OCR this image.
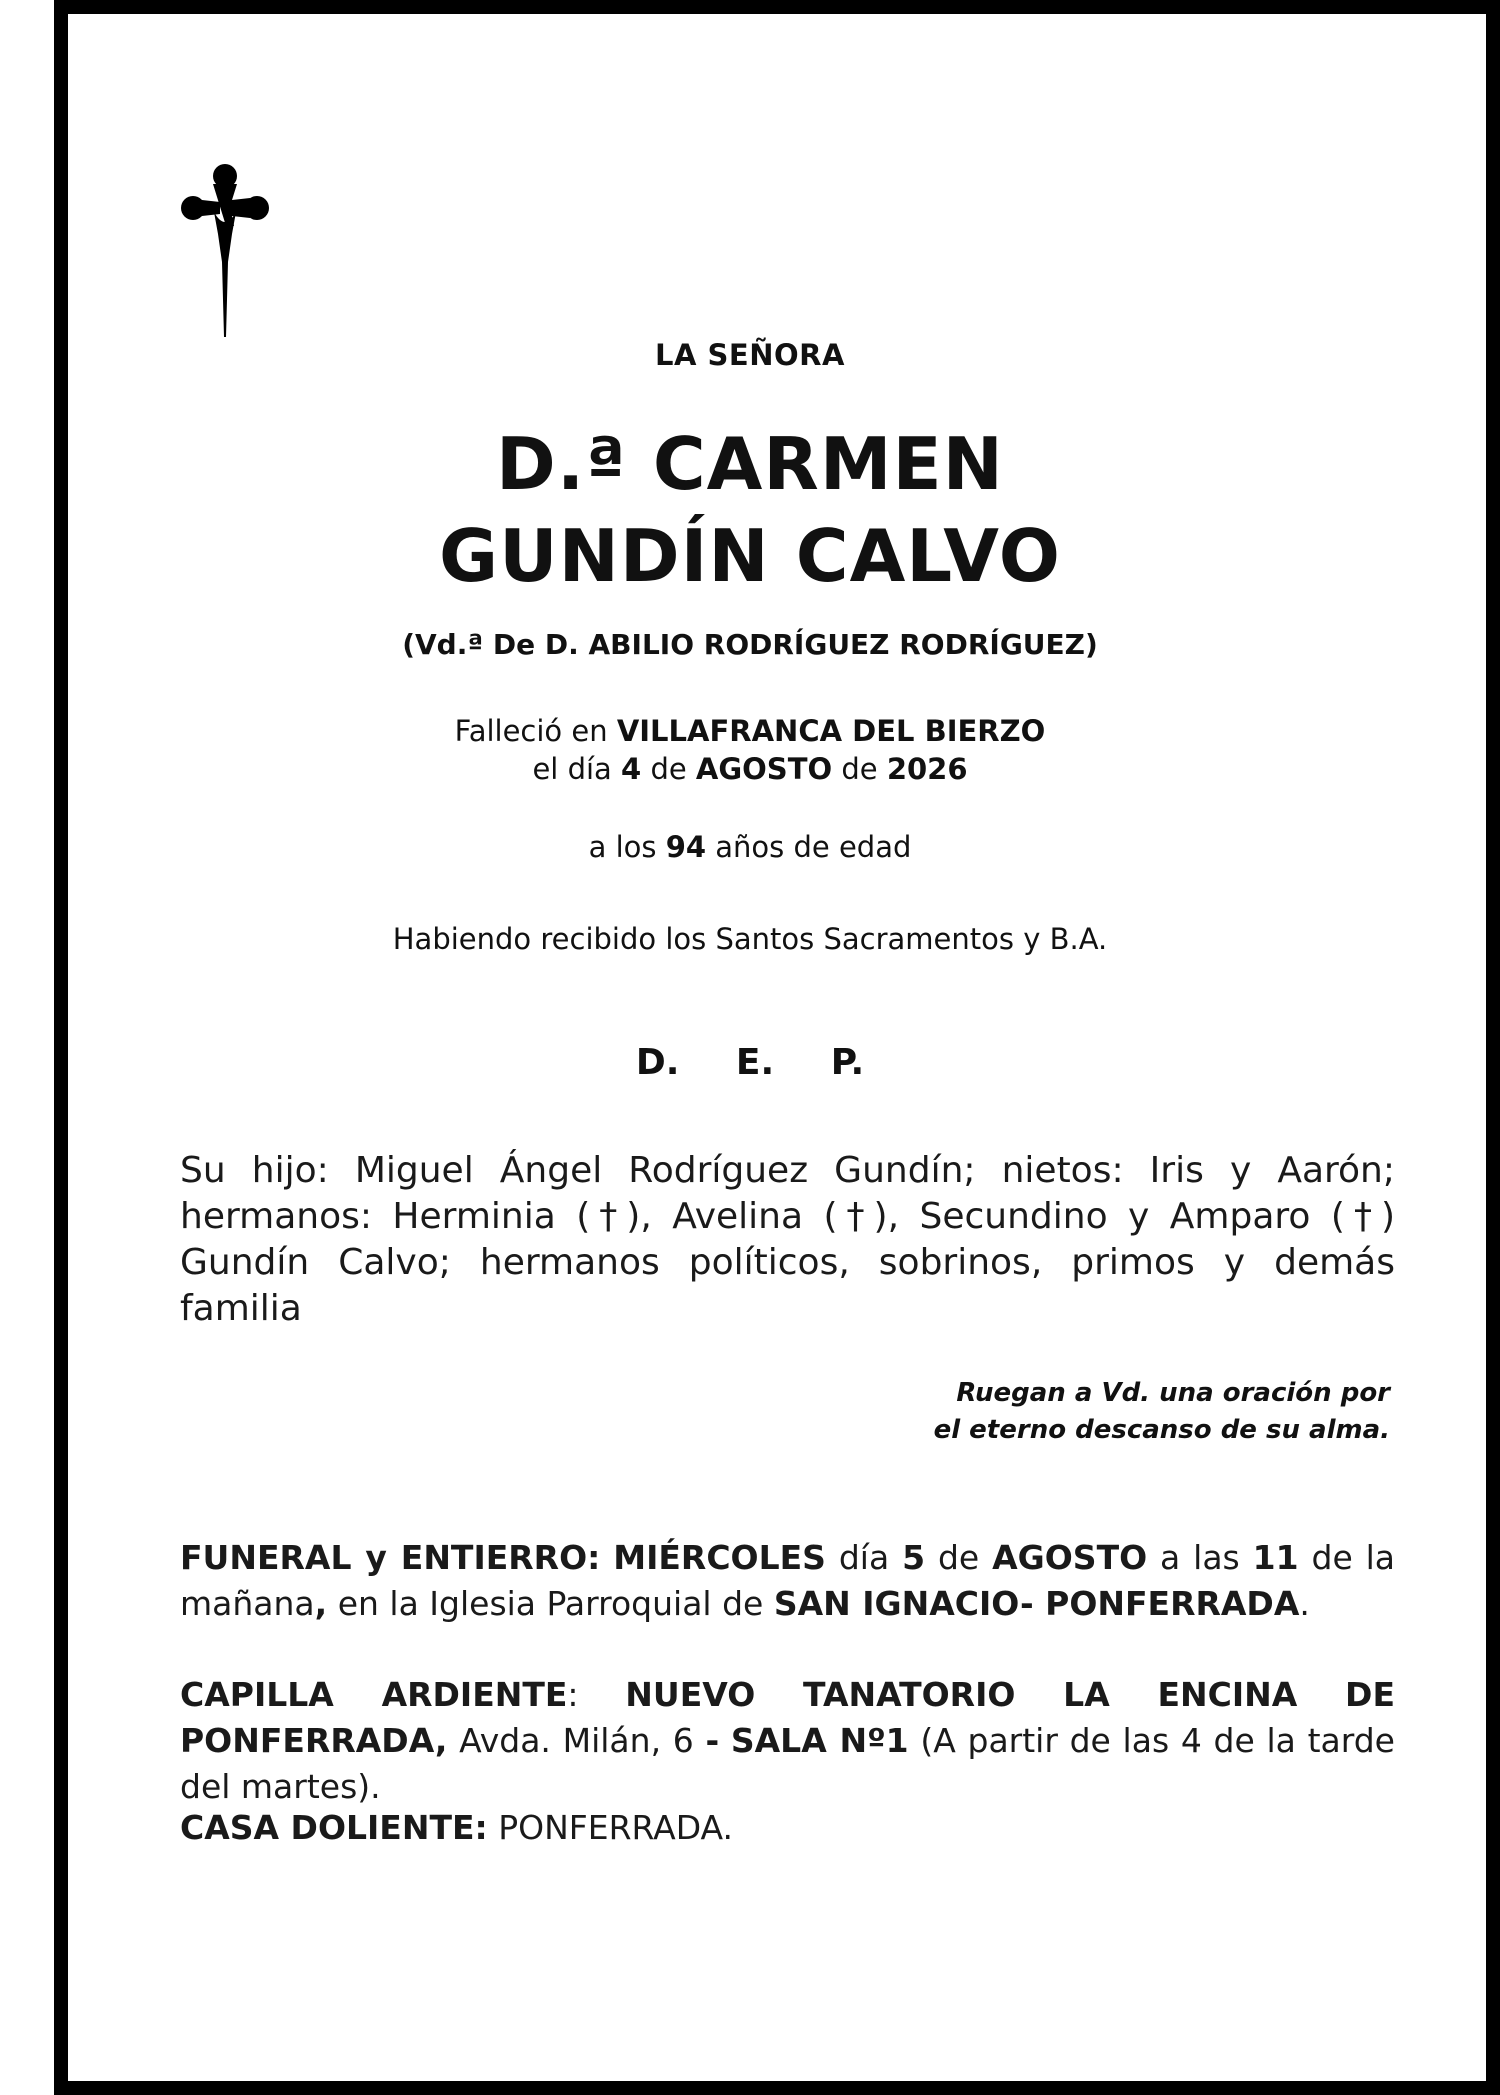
LA SEÑORA
D.ª CARMEN
GUNDÍN CALVO
(Vd.ª De D. ABILIO RODRÍGUEZ RODRÍGUEZ)
Falleció en VILLAFRANCA DEL BIERZO
el día 4 de AGOSTO de 2026
a los 94 años de edad
Habiendo recibido los Santos Sacramentos y B.A.
D. E. P.
Su hijo: Miguel Ángel Rodríguez Gundín; nietos: Iris y Aarón; hermanos: Herminia (†), Avelina (†), Secundino y Amparo (†) Gundín Calvo; hermanos políticos, sobrinos, primos y demás familia
Ruegan a Vd. una oración por
el eterno descanso de su alma.
FUNERAL y ENTIERRO: MIÉRCOLES día 5 de AGOSTO a las 11 de la mañana, en la Iglesia Parroquial de SAN IGNACIO- PONFERRADA.
CAPILLA ARDIENTE: NUEVO TANATORIO LA ENCINA DE PONFERRADA, Avda. Milán, 6 - SALA Nº1 (A partir de las 4 de la tarde del martes).
CASA DOLIENTE: PONFERRADA.
